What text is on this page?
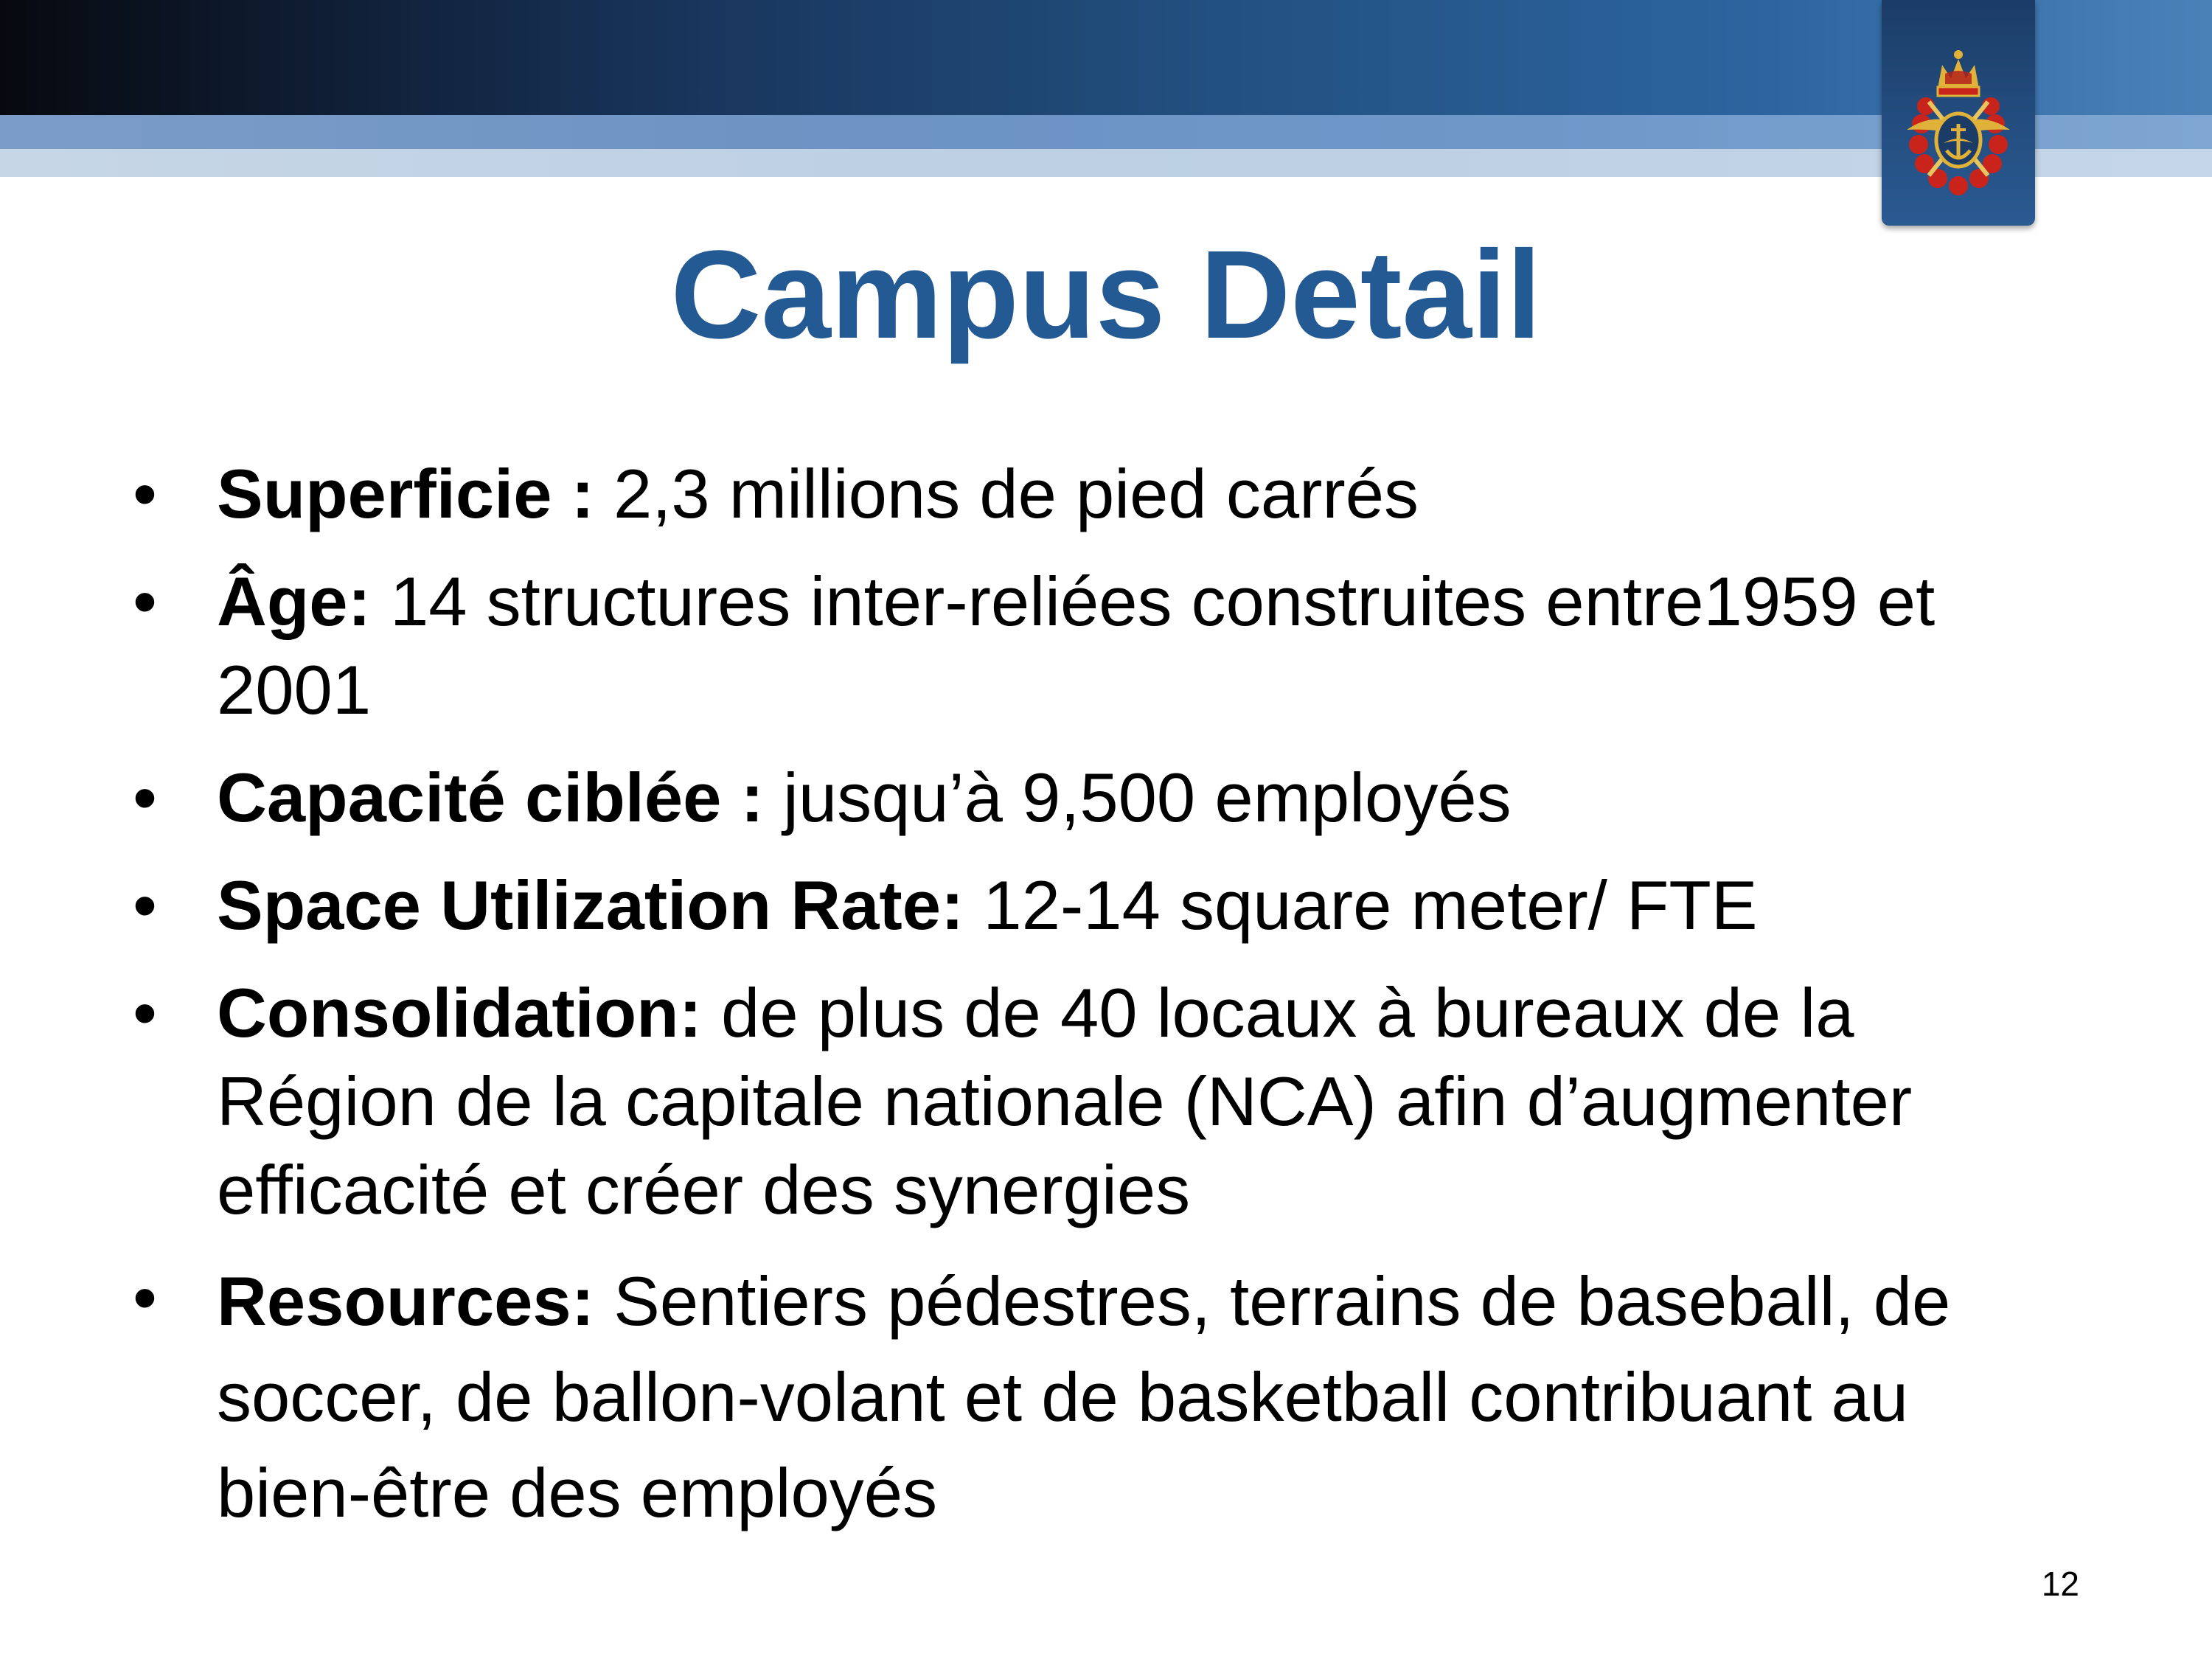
Campus Detail
• Superficie : 2,3 millions de pied carrés
• Âge: 14 structures inter-reliées construites entre1959 et 2001
• Capacité ciblée : jusqu’à 9,500 employés
• Space Utilization Rate: 12-14 square meter/ FTE
• Consolidation: de plus de 40 locaux à bureaux de la Région de la capitale nationale (NCA) afin d’augmenter efficacité et créer des synergies
• Resources: Sentiers pédestres, terrains de baseball, de soccer, de ballon-volant et de basketball contribuant au bien-être des employés
12
